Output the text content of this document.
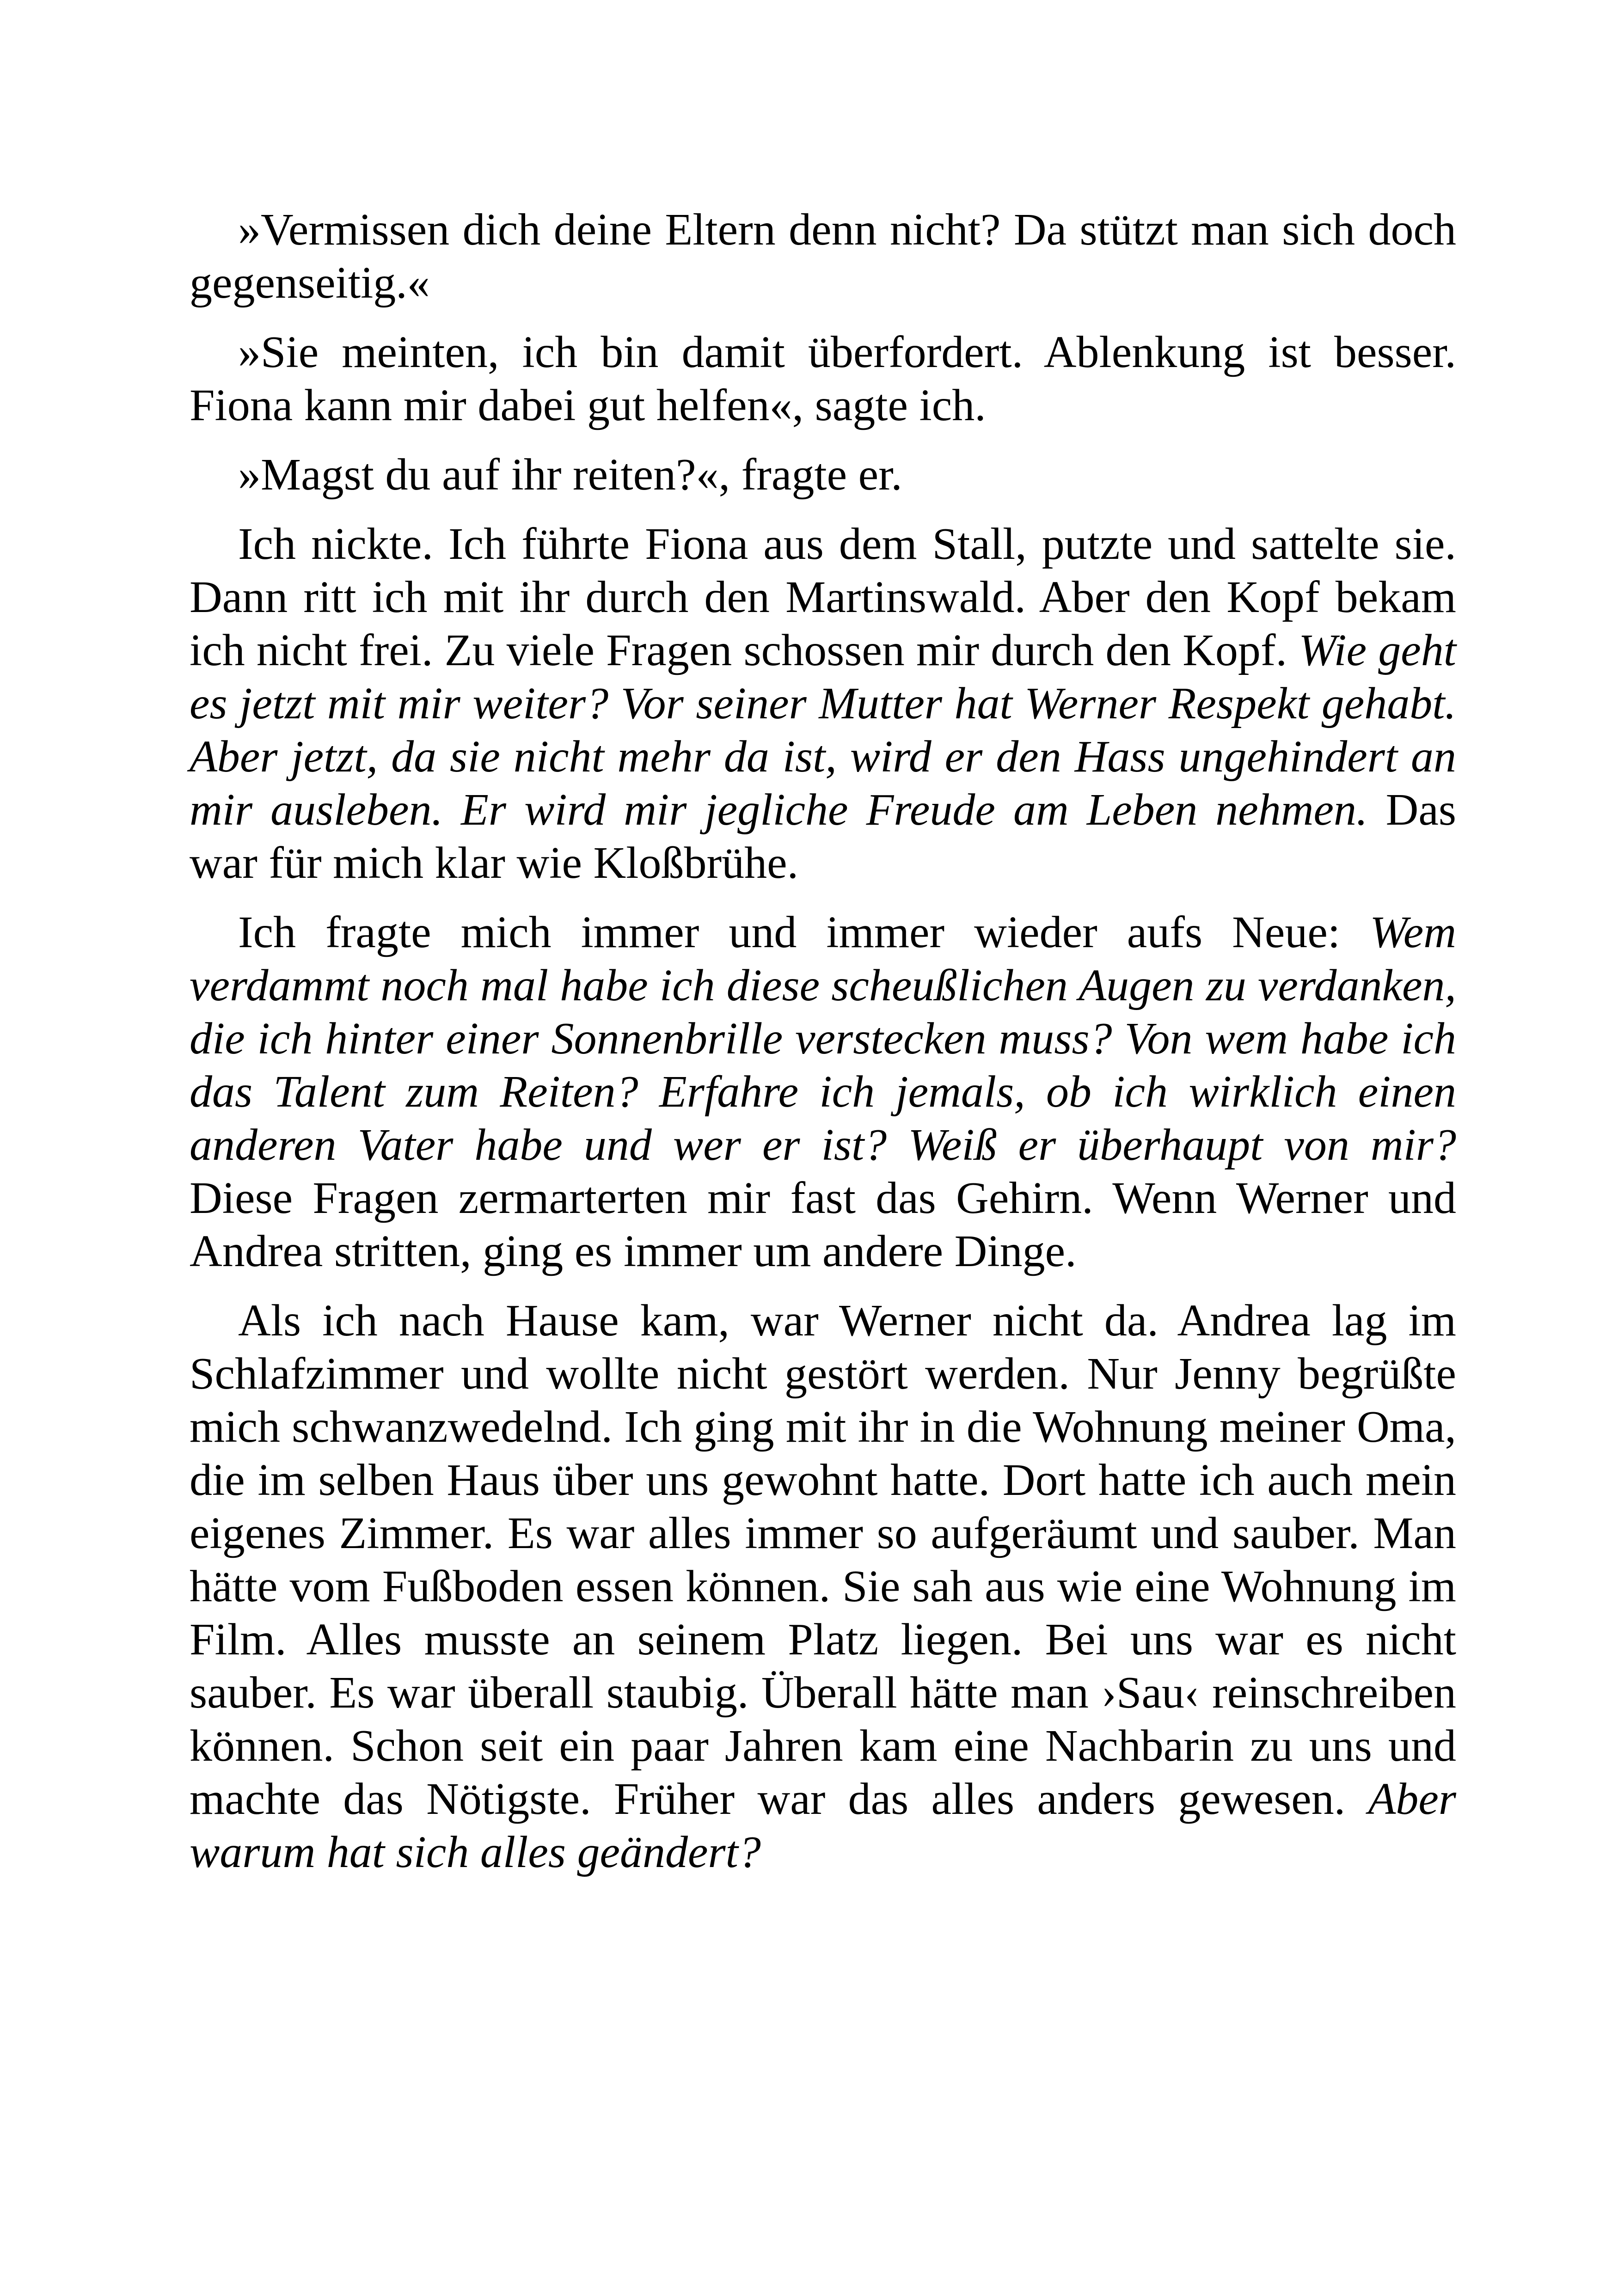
»Vermissen dich deine Eltern denn nicht? Da stützt man sich doch gegenseitig.«

»Sie meinten, ich bin damit überfordert. Ablenkung ist besser. Fiona kann mir dabei gut helfen«, sagte ich.

»Magst du auf ihr reiten?«, fragte er.

Ich nickte. Ich führte Fiona aus dem Stall, putzte und sattelte sie. Dann ritt ich mit ihr durch den Martinswald. Aber den Kopf bekam ich nicht frei. Zu viele Fragen schossen mir durch den Kopf. Wie geht es jetzt mit mir weiter? Vor seiner Mutter hat Werner Respekt gehabt. Aber jetzt, da sie nicht mehr da ist, wird er den Hass ungehindert an mir ausleben. Er wird mir jegliche Freude am Leben nehmen. Das war für mich klar wie Kloßbrühe.

Ich fragte mich immer und immer wieder aufs Neue: Wem verdammt noch mal habe ich diese scheußlichen Augen zu verdanken, die ich hinter einer Sonnenbrille verstecken muss? Von wem habe ich das Talent zum Reiten? Erfahre ich jemals, ob ich wirklich einen anderen Vater habe und wer er ist? Weiß er überhaupt von mir? Diese Fragen zermarterten mir fast das Gehirn. Wenn Werner und Andrea stritten, ging es immer um andere Dinge.

Als ich nach Hause kam, war Werner nicht da. Andrea lag im Schlafzimmer und wollte nicht gestört werden. Nur Jenny begrüßte mich schwanzwedelnd. Ich ging mit ihr in die Wohnung meiner Oma, die im selben Haus über uns gewohnt hatte. Dort hatte ich auch mein eigenes Zimmer. Es war alles immer so aufgeräumt und sauber. Man hätte vom Fußboden essen können. Sie sah aus wie eine Wohnung im Film. Alles musste an seinem Platz liegen. Bei uns war es nicht sauber. Es war überall staubig. Überall hätte man ›Sau‹ reinschreiben können. Schon seit ein paar Jahren kam eine Nachbarin zu uns und machte das Nötigste. Früher war das alles anders gewesen. Aber warum hat sich alles geändert?
